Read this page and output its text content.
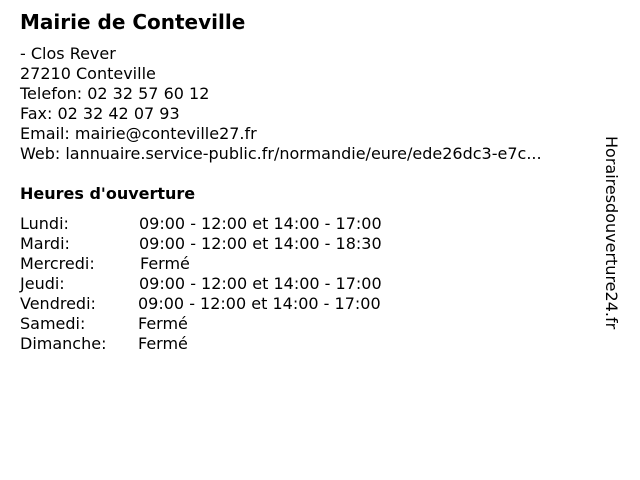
Mairie de Conteville
- Clos Rever
27210 Conteville
Telefon: 02 32 57 60 12
Fax: 02 32 42 07 93
Email: mairie@conteville27.fr
Web: lannuaire.service-public.fr/normandie/eure/ede26dc3-e7c...
Heures d'ouverture
Lundi:	09:00 - 12:00 et 14:00 - 17:00
Mardi:	09:00 - 12:00 et 14:00 - 18:30
Mercredi:	Fermé
Jeudi:	09:00 - 12:00 et 14:00 - 17:00
Vendredi:	09:00 - 12:00 et 14:00 - 17:00
Samedi:	Fermé
Dimanche: Fermé
Horairesdouverture24.fr
